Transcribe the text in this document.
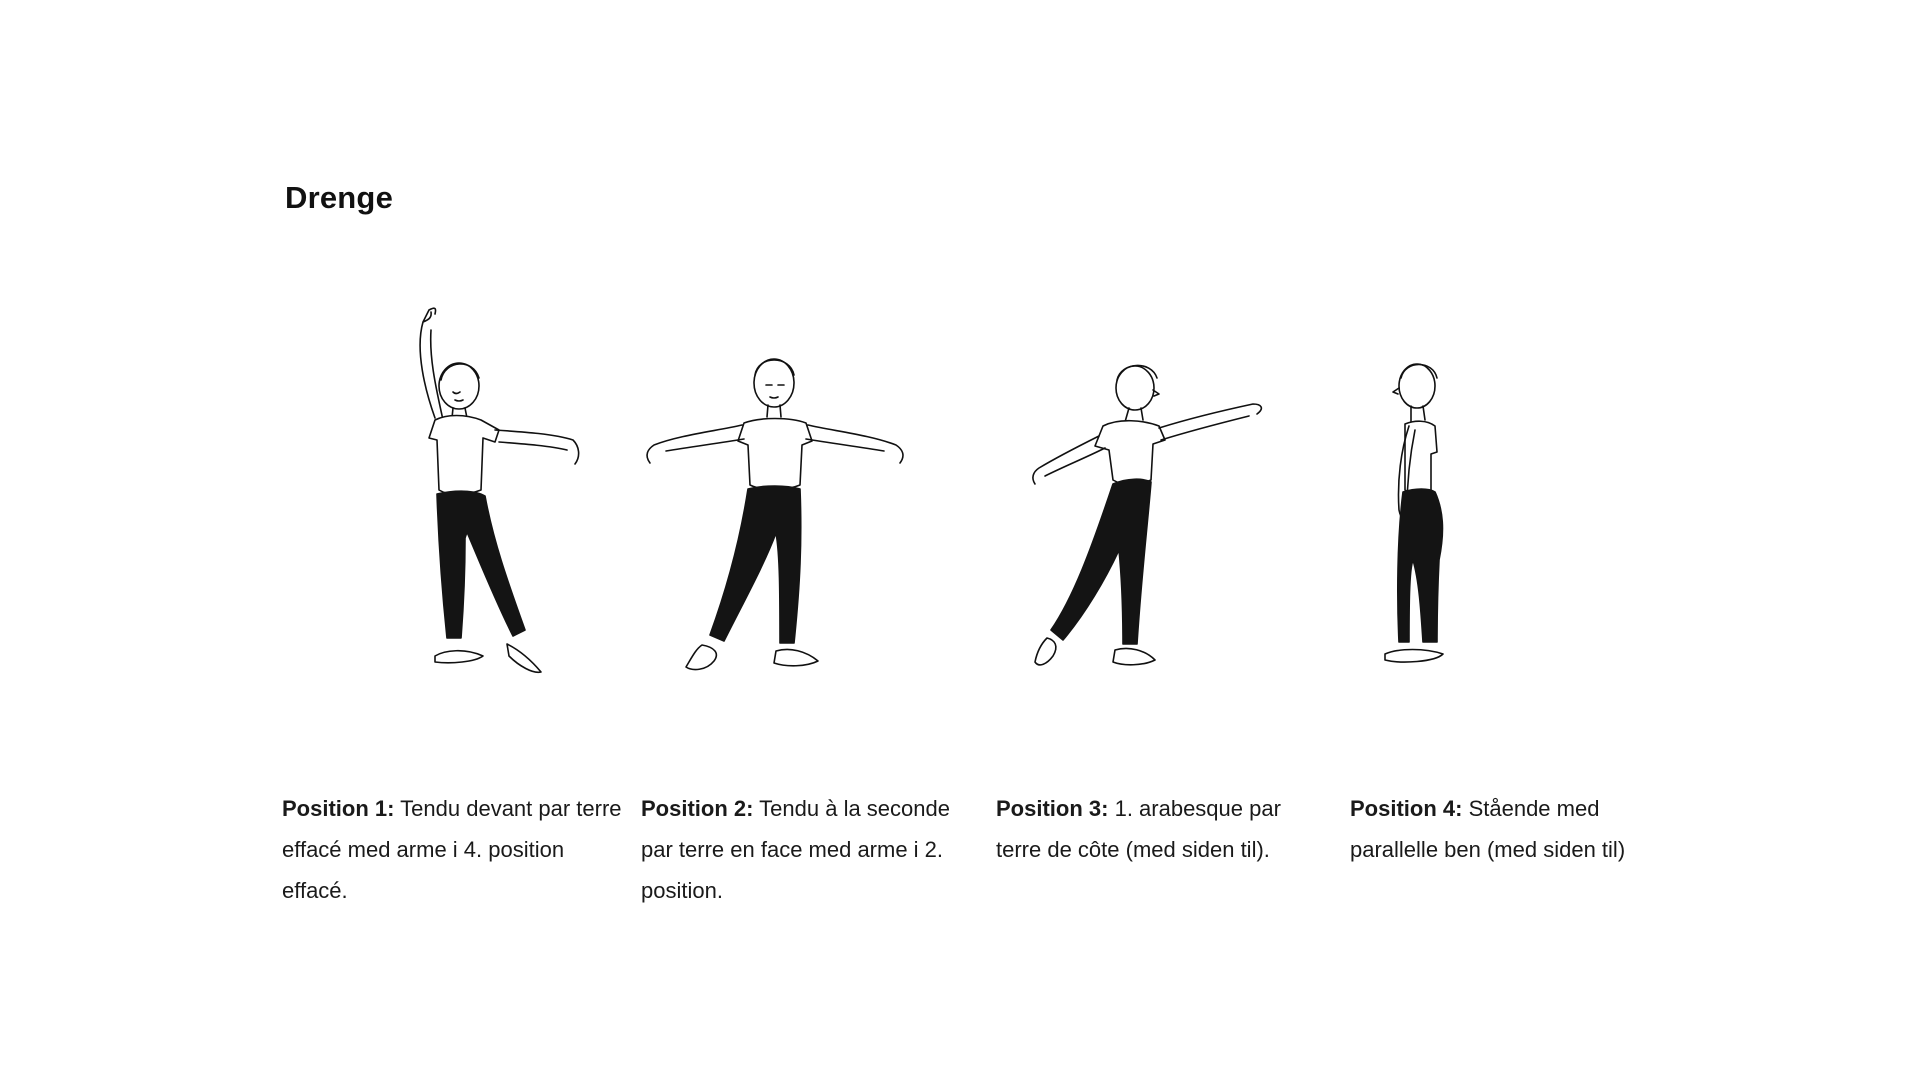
Drenge
Position 1: Tendu devant par terre effacé med arme i 4. position effacé.
Position 2: Tendu à la seconde par terre en face med arme i 2. position.
Position 3: 1. arabesque par terre de côte (med siden til).
Position 4: Stående med parallelle ben (med siden til)
